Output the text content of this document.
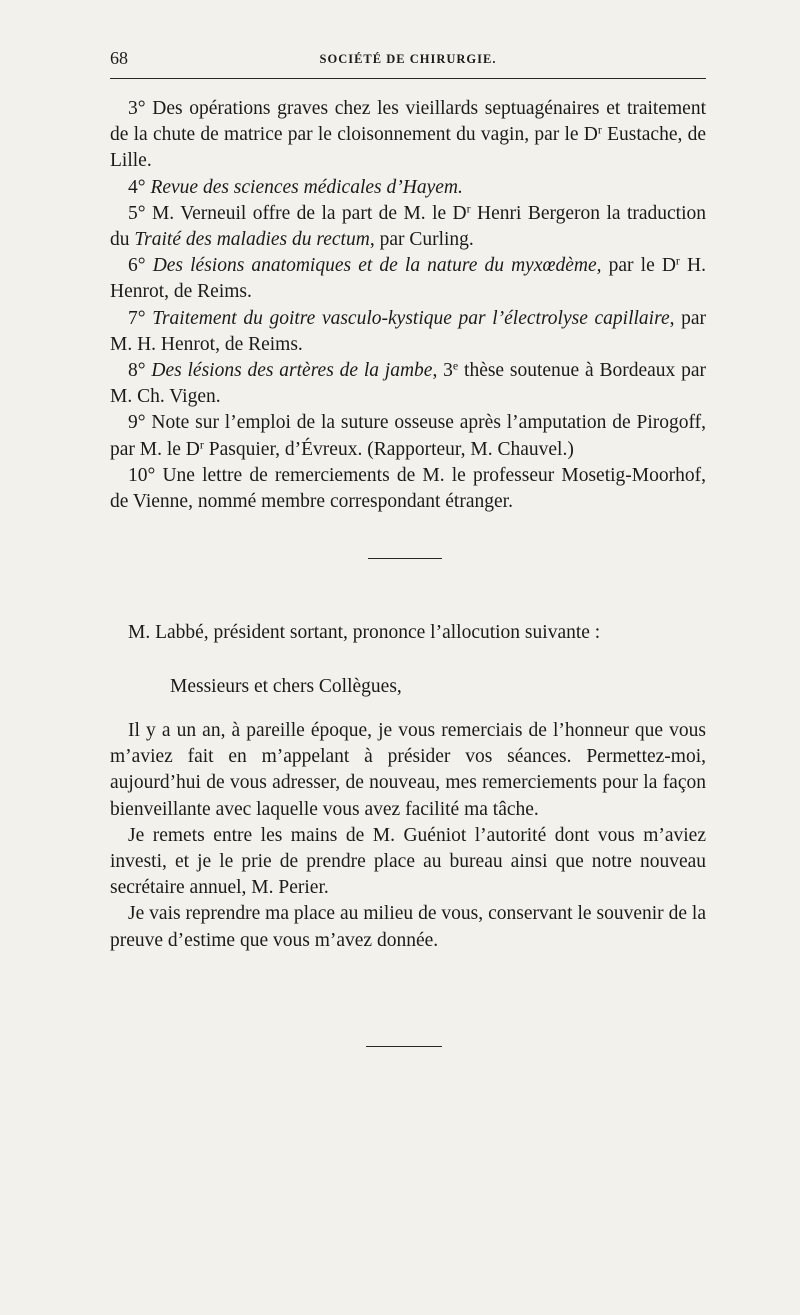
68	SOCIÉTÉ DE CHIRURGIE.

3° Des opérations graves chez les vieillards septuagénaires et traitement de la chute de matrice par le cloisonnement du vagin, par le $D^r$ Eustache, de Lille.

4° Revue des sciences médicales d’Hayem.

5° M. Verneuil offre de la part de M. le $D^r$ Henri Bergeron la traduction du Traité des maladies du rectum, par Curling.

6° Des lésions anatomiques et de la nature du myxœdème, par le $D^r$ H. Henrot, de Reims.

7° Traitement du goitre vasculo-kystique par l’électrolyse capillaire, par M. H. Henrot, de Reims.

8° Des lésions des artères de la jambe, 3e thèse soutenue à Bordeaux par M. Ch. Vigen.

9° Note sur l’emploi de la suture osseuse après l’amputation de Pirogoff, par M. le $D^r$ Pasquier, d’Évreux. (Rapporteur, M. Chauvel.)

10° Une lettre de remerciements de M. le professeur Mosetig-Moorhof, de Vienne, nommé membre correspondant étranger.

M. Labbé, président sortant, prononce l’allocution suivante :
Messieurs et chers Collègues,

Il y a un an, à pareille époque, je vous remerciais de l’honneur que vous m’aviez fait en m’appelant à présider vos séances. Permettez-moi, aujourd’hui de vous adresser, de nouveau, mes remerciements pour la façon bienveillante avec laquelle vous avez facilité ma tâche.

Je remets entre les mains de M. Guéniot l’autorité dont vous m’aviez investi, et je le prie de prendre place au bureau ainsi que notre nouveau secrétaire annuel, M. Perier.

Je vais reprendre ma place au milieu de vous, conservant le souvenir de la preuve d’estime que vous m’avez donnée.
